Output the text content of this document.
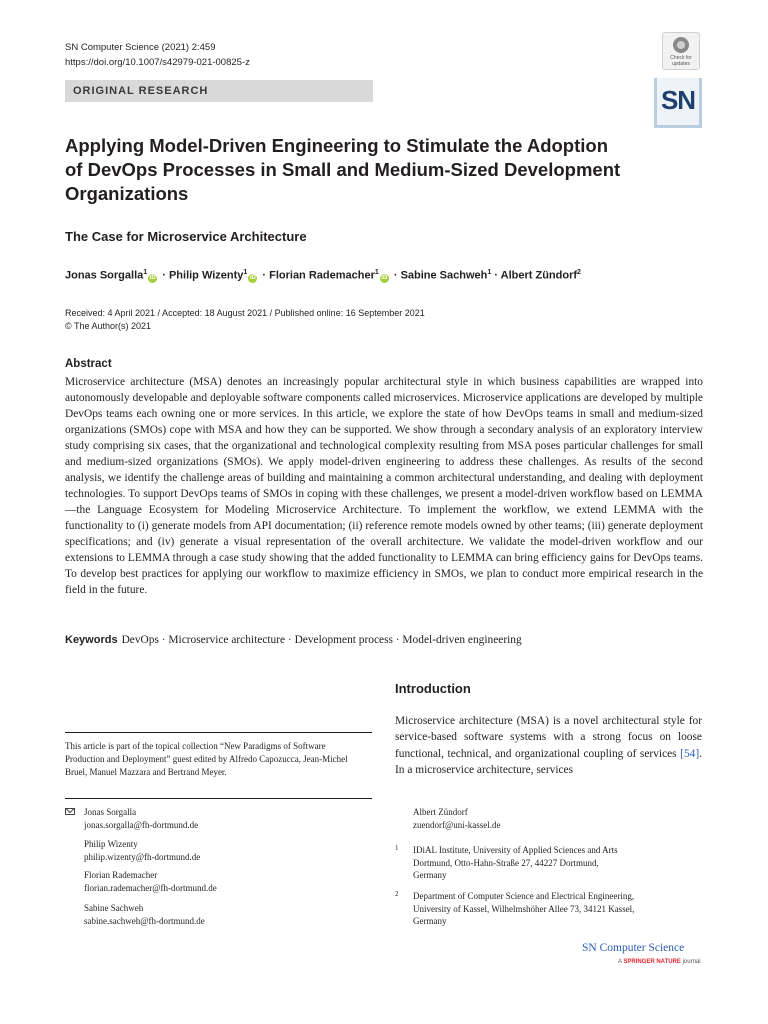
SN Computer Science (2021) 2:459
https://doi.org/10.1007/s42979-021-00825-z
ORIGINAL RESEARCH
Check for
updates
SN
Applying Model-Driven Engineering to Stimulate the Adoption of DevOps Processes in Small and Medium-Sized Development Organizations
The Case for Microservice Architecture
Jonas Sorgalla$^1$iD · Philip Wizenty$^1$iD · Florian Rademacher$^1$iD · Sabine Sachweh$^1$ · Albert Zündorf$^2$
Received: 4 April 2021 / Accepted: 18 August 2021 / Published online: 16 September 2021
© The Author(s) 2021
Abstract
Microservice architecture (MSA) denotes an increasingly popular architectural style in which business capabilities are wrapped into autonomously developable and deployable software components called microservices. Microservice applications are developed by multiple DevOps teams each owning one or more services. In this article, we explore the state of how DevOps teams in small and medium-sized organizations (SMOs) cope with MSA and how they can be supported. We show through a secondary analysis of an exploratory interview study comprising six cases, that the organizational and technological complexity resulting from MSA poses particular challenges for small and medium-sized organizations (SMOs). We apply model-driven engineering to address these challenges. As results of the second analysis, we identify the challenge areas of building and maintaining a common architectural understanding, and dealing with deployment technologies. To support DevOps teams of SMOs in coping with these challenges, we present a model-driven workflow based on LEMMA—the Language Ecosystem for Modeling Microservice Architecture. To implement the workflow, we extend LEMMA with the functionality to (i) generate models from API documentation; (ii) reference remote models owned by other teams; (iii) generate deployment specifications; and (iv) generate a visual representation of the overall architecture. We validate the model-driven workflow and our extensions to LEMMA through a case study showing that the added functionality to LEMMA can bring efficiency gains for DevOps teams. To develop best practices for applying our workflow to maximize efficiency in SMOs, we plan to conduct more empirical research in the field in the future.
Keywords DevOps · Microservice architecture · Development process · Model-driven engineering
Introduction
Microservice architecture (MSA) is a novel architectural style for service-based software systems with a strong focus on loose functional, technical, and organizational coupling of services [54]. In a microservice architecture, services
This article is part of the topical collection “New Paradigms of Software Production and Deployment” guest edited by Alfredo Capozucca, Jean-Michel Bruel, Manuel Mazzara and Bertrand Meyer.
Jonas Sorgalla
jonas.sorgalla@fh-dortmund.de
Philip Wizenty
philip.wizenty@fh-dortmund.de
Florian Rademacher
florian.rademacher@fh-dortmund.de
Sabine Sachweh
sabine.sachweh@fh-dortmund.de
Albert Zündorf
zuendorf@uni-kassel.de
1 IDiAL Institute, University of Applied Sciences and Arts
Dortmund, Otto-Hahn-Straße 27, 44227 Dortmund,
Germany
2 Department of Computer Science and Electrical Engineering,
University of Kassel, Wilhelmshöher Allee 73, 34121 Kassel,
Germany
SN Computer Science
A SPRINGER NATURE journal
